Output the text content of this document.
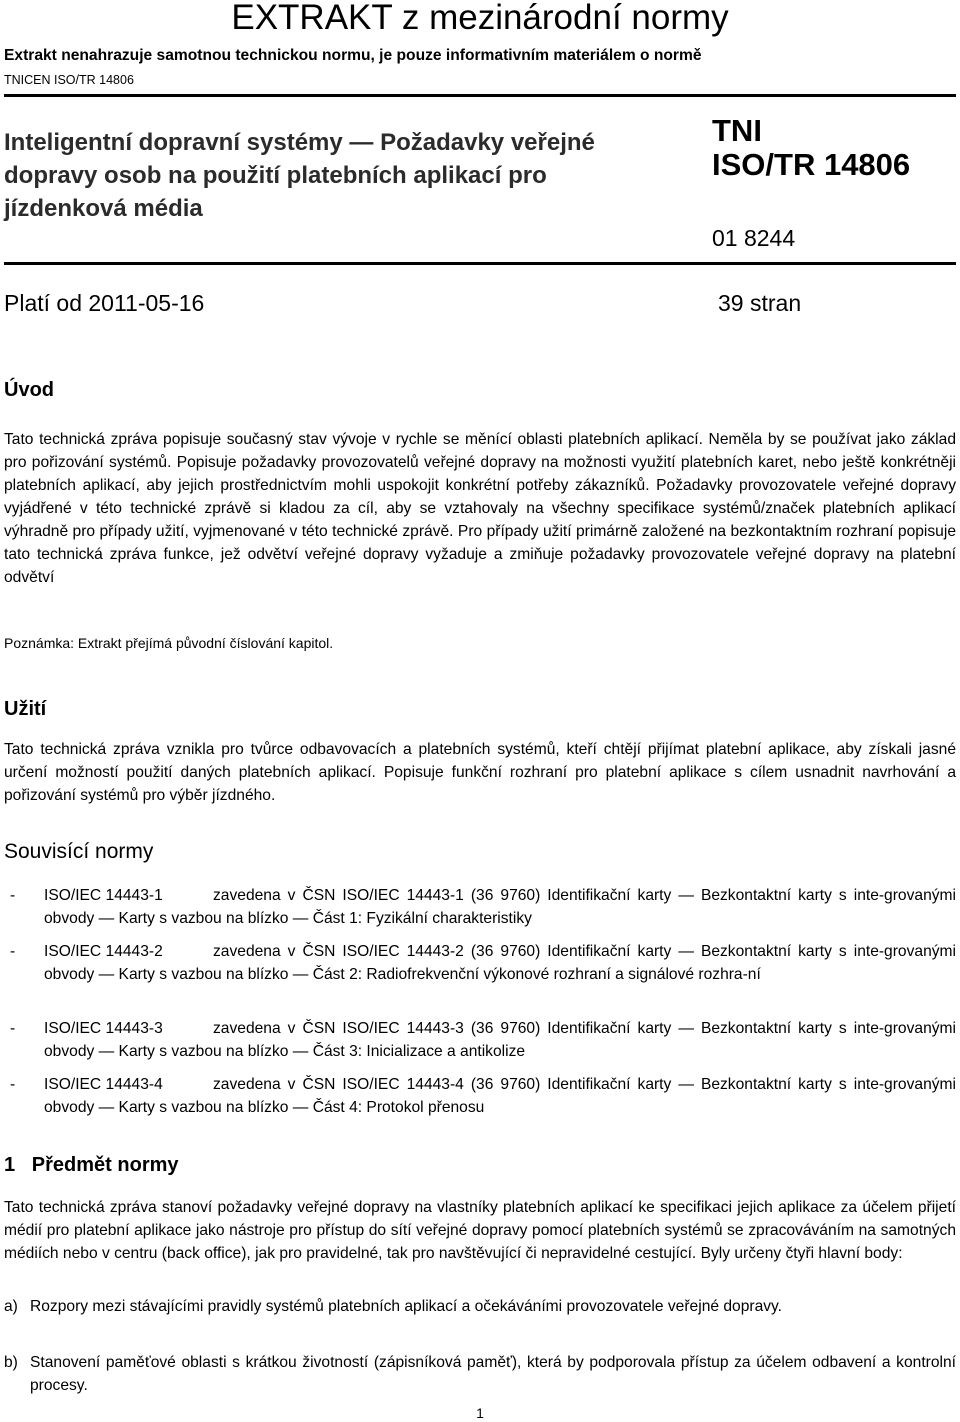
EXTRAKT z mezinárodní normy
Extrakt nenahrazuje samotnou technickou normu, je pouze informativním materiálem o normě
TNICEN ISO/TR 14806
Inteligentní dopravní systémy — Požadavky veřejné
dopravy osob na použití platebních aplikací pro
jízdenková média
TNI
ISO/TR 14806
01 8244
Platí od 2011-05-16	39 stran
Úvod
Tato technická zpráva popisuje současný stav vývoje v rychle se měnící oblasti platebních aplikací. Neměla by se používat jako základ pro pořizování systémů. Popisuje požadavky provozovatelů veřejné dopravy na možnosti využití platebních karet, nebo ještě konkrétněji platebních aplikací, aby jejich prostřednictvím mohli uspokojit konkrétní potřeby zákazníků. Požadavky provozovatele veřejné dopravy vyjádřené v této technické zprávě si kladou za cíl, aby se vztahovaly na všechny specifikace systémů/značek platebních aplikací výhradně pro případy užití, vyjmenované v této technické zprávě. Pro případy užití primárně založené na bezkontaktním rozhraní popisuje tato technická zpráva funkce, jež odvětví veřejné dopravy vyžaduje a zmiňuje požadavky provozovatele veřejné dopravy na platební odvětví
Poznámka: Extrakt přejímá původní číslování kapitol.
Užití
Tato technická zpráva vznikla pro tvůrce odbavovacích a platebních systémů, kteří chtějí přijímat platební aplikace, aby získali jasné určení možností použití daných platebních aplikací. Popisuje funkční rozhraní pro platební aplikace s cílem usnadnit navrhování a pořizování systémů pro výběr jízdného.
Souvisící normy
- ISO/IEC 14443-1	zavedena v ČSN ISO/IEC 14443-1 (36 9760) Identifikační karty — Bezkontaktní karty s inte-grovanými obvody — Karty s vazbou na blízko — Část 1: Fyzikální charakteristiky
- ISO/IEC 14443-2	zavedena v ČSN ISO/IEC 14443-2 (36 9760) Identifikační karty — Bezkontaktní karty s inte-grovanými obvody — Karty s vazbou na blízko — Část 2: Radiofrekvenční výkonové rozhraní a signálové rozhra-ní
- ISO/IEC 14443-3	zavedena v ČSN ISO/IEC 14443-3 (36 9760) Identifikační karty — Bezkontaktní karty s inte-grovanými obvody — Karty s vazbou na blízko — Část 3: Inicializace a antikolize
- ISO/IEC 14443-4	zavedena v ČSN ISO/IEC 14443-4 (36 9760) Identifikační karty — Bezkontaktní karty s inte-grovanými obvody — Karty s vazbou na blízko — Část 4: Protokol přenosu
1   Předmět normy
Tato technická zpráva stanoví požadavky veřejné dopravy na vlastníky platebních aplikací ke specifikaci jejich aplikace za účelem přijetí médií pro platební aplikace jako nástroje pro přístup do sítí veřejné dopravy pomocí platebních systémů se zpracováváním na samotných médiích nebo v centru (back office), jak pro pravidelné, tak pro navštěvující či nepravidelné cestující. Byly určeny čtyři hlavní body:
a) Rozpory mezi stávajícími pravidly systémů platebních aplikací a očekáváními provozovatele veřejné dopravy.
b) Stanovení paměťové oblasti s krátkou životností (zápisníková paměť), která by podporovala přístup za účelem odbavení a kontrolní procesy.
1
